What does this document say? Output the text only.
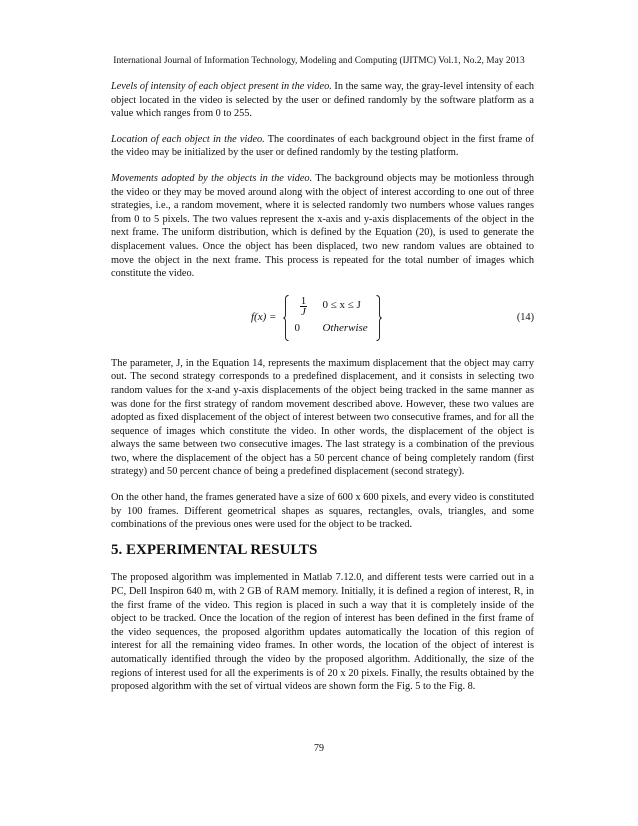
International Journal of Information Technology, Modeling and Computing (IJITMC) Vol.1, No.2, May 2013

Levels of intensity of each object present in the video. In the same way, the gray-level intensity of each object located in the video is selected by the user or defined randomly by the software platform as a value which ranges from 0 to 255.

Location of each object in the video. The coordinates of each background object in the first frame of the video may be initialized by the user or defined randomly by the testing platform.

Movements adopted by the objects in the video. The background objects may be motionless through the video or they may be moved around along with the object of interest according to one out of three strategies, i.e., a random movement, where it is selected randomly two numbers whose values ranges from 0 to 5 pixels. The two values represent the x-axis and y-axis displacements of the object in the next frame. The uniform distribution, which is defined by the Equation (20), is used to generate the displacement values. Once the object has been displaced, two new random values are obtained to move the object in the next frame. This process is repeated for the total number of images which constitute the video.

f(x) =
$\frac{1}{J} 0 \le x \le J$
0	Otherwise
(14)

The parameter, J, in the Equation 14, represents the maximum displacement that the object may carry out. The second strategy corresponds to a predefined displacement, and it consists in selecting two random values for the x-and y-axis displacements of the object being tracked in the same manner as was done for the first strategy of random movement described above. However, these two values are adopted as fixed displacement of the object of interest between two consecutive frames, and for all the sequence of images which constitute the video. In other words, the displacement of the object is always the same between two consecutive images. The last strategy is a combination of the previous two, where the displacement of the object has a 50 percent chance of being completely random (first strategy) and 50 percent chance of being a predefined displacement (second strategy).

On the other hand, the frames generated have a size of 600 x 600 pixels, and every video is constituted by 100 frames. Different geometrical shapes as squares, rectangles, ovals, triangles, and some combinations of the previous ones were used for the object to be tracked.

5. EXPERIMENTAL RESULTS

The proposed algorithm was implemented in Matlab 7.12.0, and different tests were carried out in a PC, Dell Inspiron 640 m, with 2 GB of RAM memory. Initially, it is defined a region of interest, R, in the first frame of the video. This region is placed in such a way that it is completely inside of the object to be tracked. Once the location of the region of interest has been defined in the first frame of the video sequences, the proposed algorithm updates automatically the location of this region of interest for all the remaining video frames. In other words, the location of the object of interest is automatically identified through the video by the proposed algorithm. Additionally, the size of the regions of interest used for all the experiments is of 20 x 20 pixels. Finally, the results obtained by the proposed algorithm with the set of virtual videos are shown form the Fig. 5 to the Fig. 8.

79
